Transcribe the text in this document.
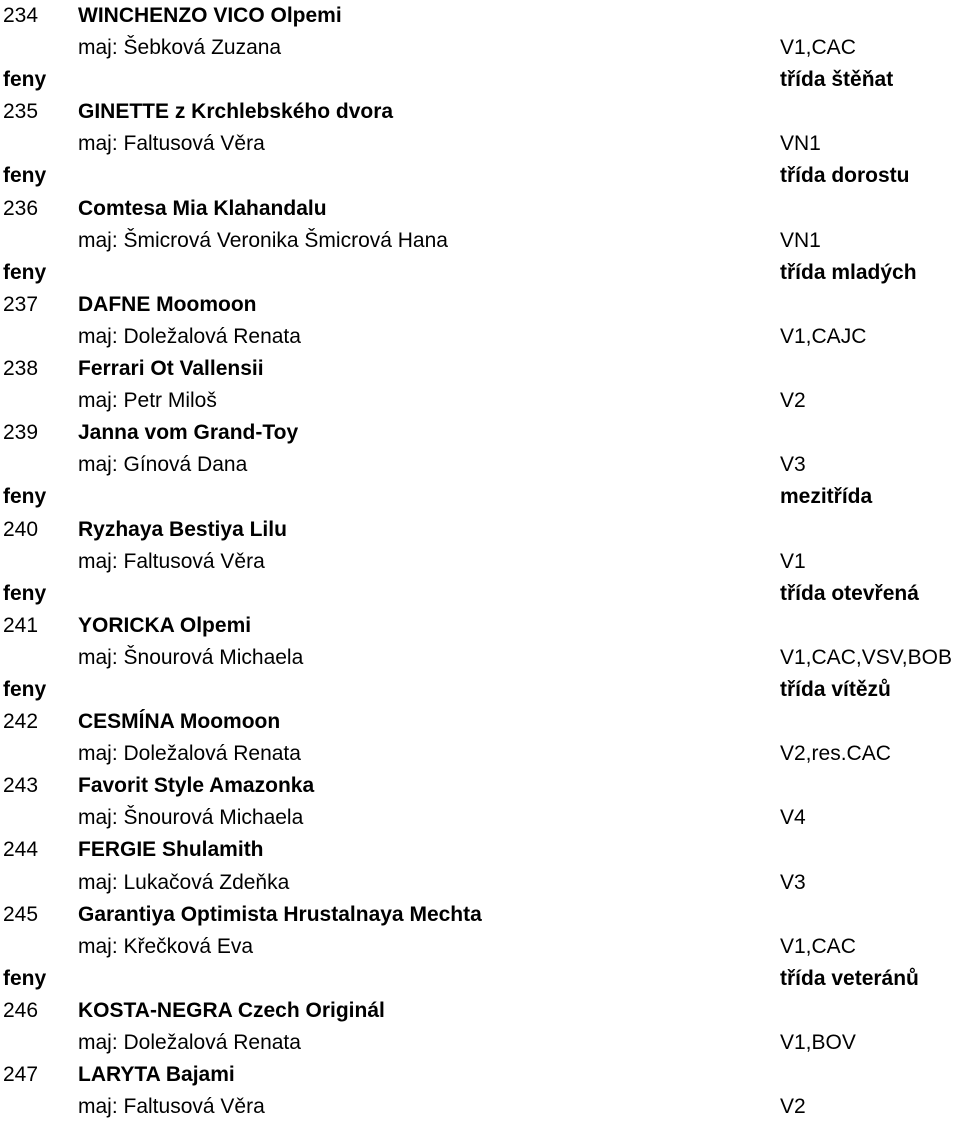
234 WINCHENZO VICO Olpemi
maj: Šebková Zuzana	V1,CAC
feny	třída štěňat
235 GINETTE z Krchlebského dvora
maj: Faltusová Věra	VN1
feny	třída dorostu
236 Comtesa Mia Klahandalu
maj: Šmicrová Veronika Šmicrová Hana	VN1
feny	třída mladých
237 DAFNE Moomoon
maj: Doležalová Renata	V1,CAJC
238 Ferrari Ot Vallensii
maj: Petr Miloš	V2
239 Janna vom Grand-Toy
maj: Gínová Dana	V3
feny	mezitřída
240 Ryzhaya Bestiya Lilu
maj: Faltusová Věra	V1
feny	třída otevřená
241 YORICKA Olpemi
maj: Šnourová Michaela	V1,CAC,VSV,BOB
feny	třída vítězů
242 CESMÍNA Moomoon
maj: Doležalová Renata	V2,res.CAC
243 Favorit Style Amazonka
maj: Šnourová Michaela	V4
244 FERGIE Shulamith
maj: Lukačová Zdeňka	V3
245 Garantiya Optimista Hrustalnaya Mechta
maj: Křečková Eva	V1,CAC
feny	třída veteránů
246 KOSTA-NEGRA Czech Originál
maj: Doležalová Renata	V1,BOV
247 LARYTA Bajami
maj: Faltusová Věra	V2
